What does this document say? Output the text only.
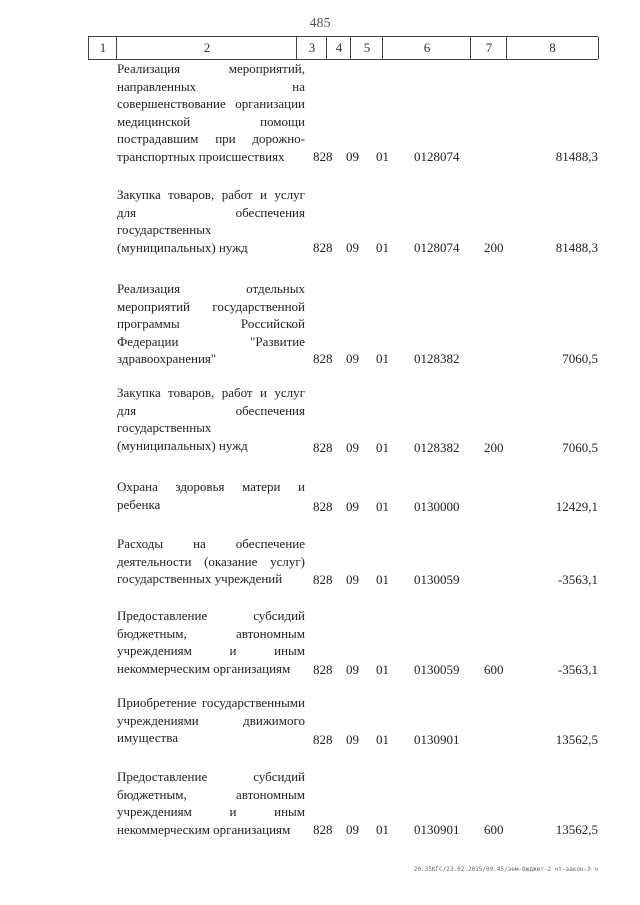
485
1	2	3	4	5	6	7	8
Реализация мероприятий, направленных на совершенствование организации медицинской помощи пострадавшим при дорожно-транспортных происшествиях	828 09 01 0128074	81488,3
Закупка товаров, работ и услуг для обеспечения государственных (муниципальных) нужд	828 09 01 0128074 200	81488,3
Реализация отдельных мероприятий государственной программы Российской Федерации "Развитие здравоохранения"	828 09 01 0128382	7060,5
Закупка товаров, работ и услуг для обеспечения государственных (муниципальных) нужд	828 09 01 0128382 200	7060,5
Охрана здоровья матери и ребенка	828 09 01 0130000	12429,1
Расходы на обеспечение деятельности (оказание услуг) государственных учреждений	828 09 01 0130059	-3563,1
Предоставление субсидий бюджетным, автономным учреждениям и иным некоммерческим организациям	828 09 01 0130059 600	-3563,1
Приобретение государственными учреждениями движимого имущества	828 09 01 0130901	13562,5
Предоставление субсидий бюджетным, автономным учреждениям и иным некоммерческим организациям	828 09 01 0130901 600	13562,5
20.35КГС/23.02.2015/09.45/зем-бюджет-2 чт-закон-3 ч
